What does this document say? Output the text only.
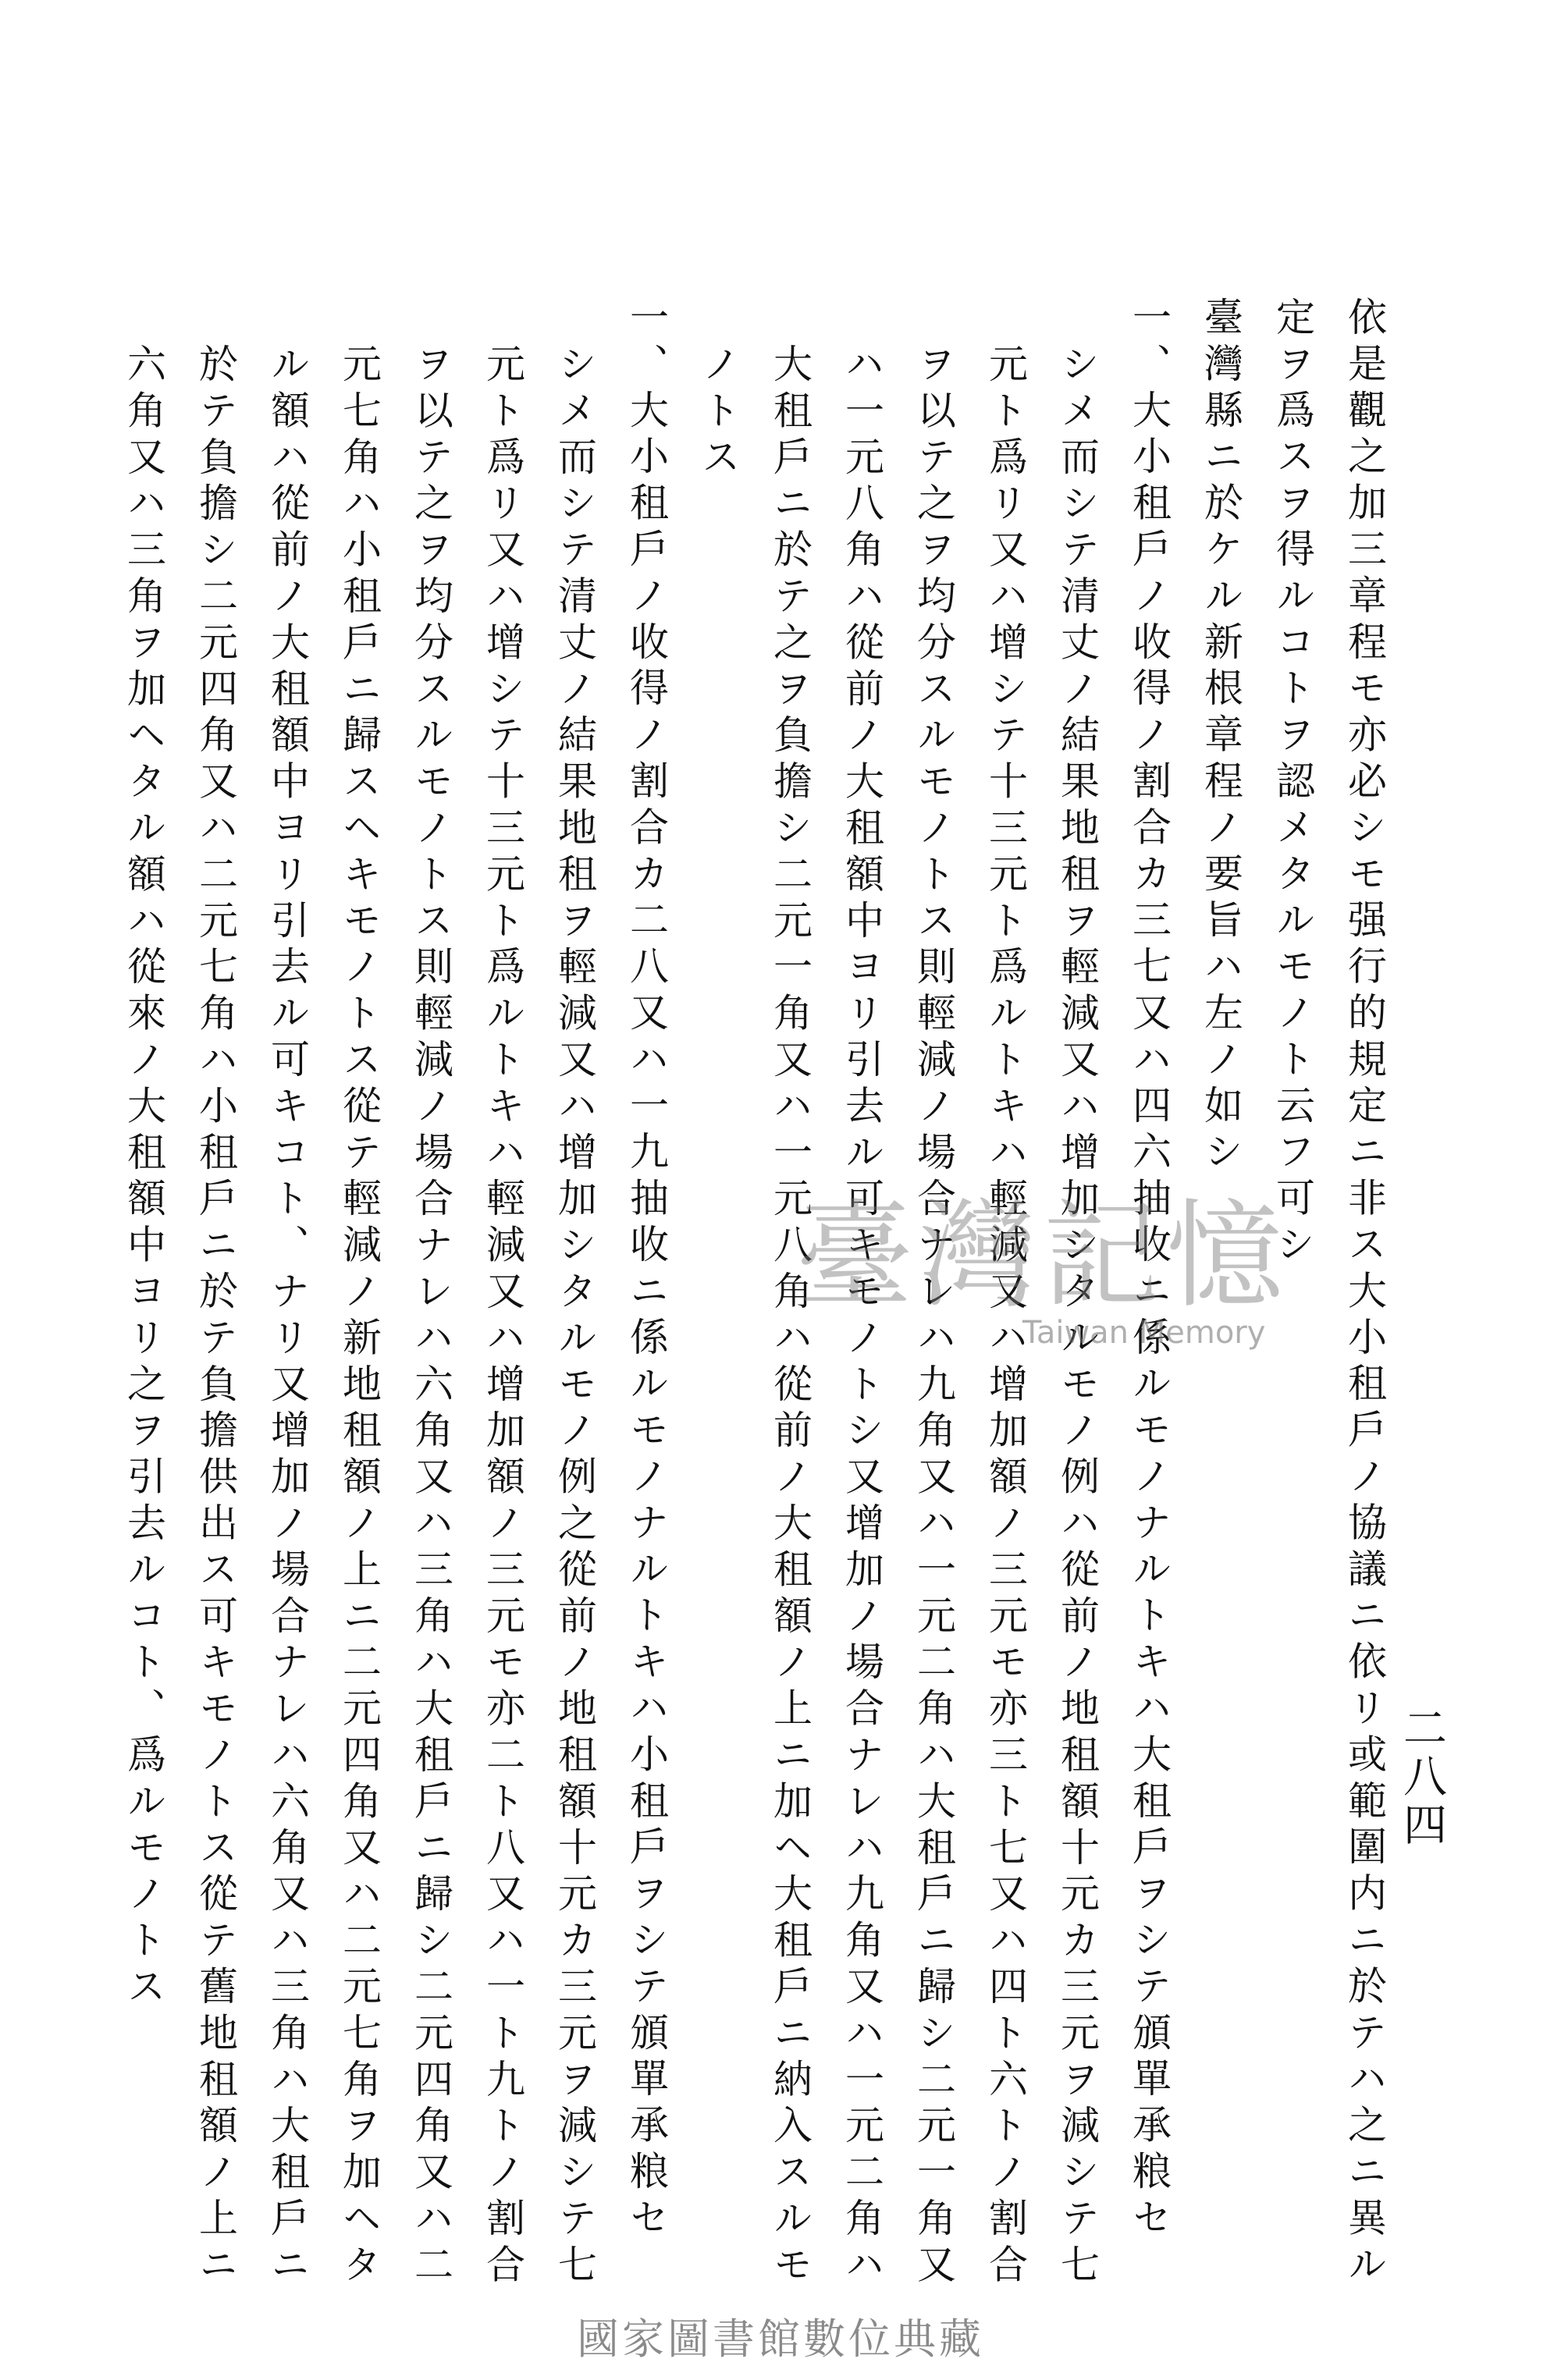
二八四
依是觀之加三章程モ亦必シモ强行的規定ニ非ス大小租戶ノ協議ニ依リ或範圍内ニ於テハ之ニ異ル
定ヲ爲スヲ得ルコトヲ認メタルモノト云フ可シ
臺灣縣ニ於ケル新根章程ノ要旨ハ左ノ如シ
一、大小租戶ノ收得ノ割合カ三七又ハ四六抽收ニ係ルモノナルトキハ大租戶ヲシテ頒單承粮セ
シメ而シテ清丈ノ結果地租ヲ輕減又ハ增加シタルモノ例ハ從前ノ地租額十元カ三元ヲ減シテ七
元ト爲リ又ハ增シテ十三元ト爲ルトキハ輕減又ハ增加額ノ三元モ亦三ト七又ハ四ト六トノ割合
ヲ以テ之ヲ均分スルモノトス則輕減ノ場合ナレハ九角又ハ一元二角ハ大租戶ニ歸シ二元一角又
ハ一元八角ハ從前ノ大租額中ヨリ引去ル可キモノトシ又增加ノ場合ナレハ九角又ハ一元二角ハ
大租戶ニ於テ之ヲ負擔シ二元一角又ハ一元八角ハ從前ノ大租額ノ上ニ加ヘ大租戶ニ納入スルモ
ノトス
一、大小租戶ノ收得ノ割合カ二八又ハ一九抽收ニ係ルモノナルトキハ小租戶ヲシテ頒單承粮セ
シメ而シテ清丈ノ結果地租ヲ輕減又ハ增加シタルモノ例之從前ノ地租額十元カ三元ヲ減シテ七
元ト爲リ又ハ增シテ十三元ト爲ルトキハ輕減又ハ增加額ノ三元モ亦二ト八又ハ一ト九トノ割合
ヲ以テ之ヲ均分スルモノトス則輕減ノ場合ナレハ六角又ハ三角ハ大租戶ニ歸シ二元四角又ハ二
元七角ハ小租戶ニ歸スヘキモノトス從テ輕減ノ新地租額ノ上ニ二元四角又ハ二元七角ヲ加ヘタ
ル額ハ從前ノ大租額中ヨリ引去ル可キコト、ナリ又增加ノ場合ナレハ六角又ハ三角ハ大租戶ニ
於テ負擔シ二元四角又ハ二元七角ハ小租戶ニ於テ負擔供出ス可キモノトス從テ舊地租額ノ上ニ
六角又ハ三角ヲ加ヘタル額ハ從來ノ大租額中ヨリ之ヲ引去ルコト、爲ルモノトス	臺灣記憶
Taiwan Memory
國家圖書館數位典藏
